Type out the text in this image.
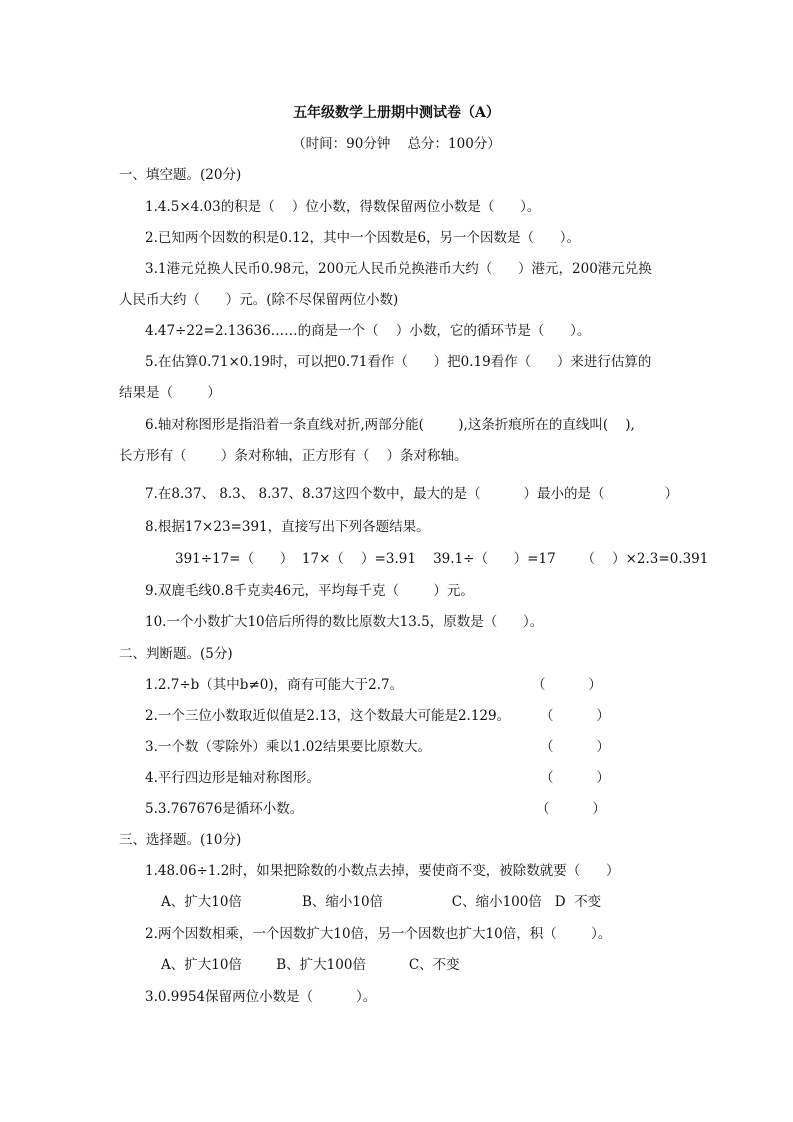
五年级数学上册期中测试卷（A）
（时间：90分钟    总分：100分）
一、填空题。(20分)
1.4.5×4.03的积是（    ）位小数，得数保留两位小数是（      ）。
2.已知两个因数的积是0.12，其中一个因数是6，另一个因数是（      ）。
3.1港元兑换人民币0.98元，200元人民币兑换港币大约（      ）港元，200港元兑换
人民币大约（      ）元。(除不尽保留两位小数)
4.47÷22=2.13636……的商是一个（    ）小数，它的循环节是（      ）。
5.在估算0.71×0.19时，可以把0.71看作（      ）把0.19看作（      ）来进行估算的
结果是（        ）
6.轴对称图形是指沿着一条直线对折,两部分能(        ),这条折痕所在的直线叫(    ),
长方形有（        ）条对称轴，正方形有（    ）条对称轴。
7.在8.37、 8.3、 8.37、8.37这四个数中，最大的是（          ）最小的是（              ）
8.根据17×23=391，直接写出下列各题结果。
391÷17=（      ）  17×（    ）=3.91    39.1÷（      ）=17      （    ）×2.3=0.391
9.双鹿毛线0.8千克卖46元，平均每千克（        ）元。
10.一个小数扩大10倍后所得的数比原数大13.5，原数是（      ）。
二、判断题。(5分)
1.2.7÷b（其中b≠0)，商有可能大于2.7。	（          ）
2.一个三位小数取近似值是2.13，这个数最大可能是2.129。 （          ）
3.一个数（零除外）乘以1.02结果要比原数大。	（          ）
4.平行四边形是轴对称图形。	（          ）
5.3.767676是循环小数。	（          ）
三、选择题。(10分)
1.48.06÷1.2时，如果把除数的小数点去掉，要使商不变，被除数就要（      ）
A、扩大10倍              B、缩小10倍                C、缩小100倍   D  不变
2.两个因数相乘，一个因数扩大10倍，另一个因数也扩大10倍，积（        ）。
A、扩大10倍        B、扩大100倍          C、不变
3.0.9954保留两位小数是（          ）。
